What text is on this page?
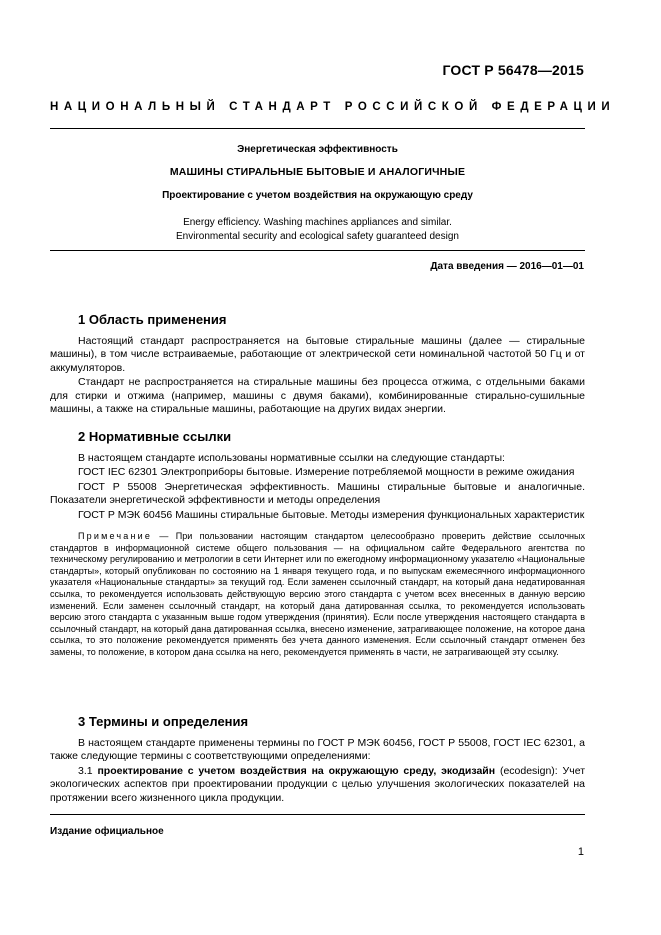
ГОСТ Р 56478—2015
НАЦИОНАЛЬНЫЙ СТАНДАРТ РОССИЙСКОЙ ФЕДЕРАЦИИ
Энергетическая эффективность
МАШИНЫ СТИРАЛЬНЫЕ БЫТОВЫЕ И АНАЛОГИЧНЫЕ
Проектирование с учетом воздействия на окружающую среду
Energy efficiency. Washing machines appliances and similar.
Environmental security and ecological safety guaranteed design
Дата введения — 2016—01—01
1 Область применения

Настоящий стандарт распространяется на бытовые стиральные машины (далее — стиральные машины), в том числе встраиваемые, работающие от электрической сети номинальной частотой 50 Гц и от аккумуляторов.

Стандарт не распространяется на стиральные машины без процесса отжима, с отдельными баками для стирки и отжима (например, машины с двумя баками), комбинированные стирально-сушильные машины, а также на стиральные машины, работающие на других видах энергии.

2 Нормативные ссылки

В настоящем стандарте использованы нормативные ссылки на следующие стандарты:

ГОСТ IEC 62301 Электроприборы бытовые. Измерение потребляемой мощности в режиме ожидания

ГОСТ Р 55008 Энергетическая эффективность. Машины стиральные бытовые и аналогичные. Показатели энергетической эффективности и методы определения

ГОСТ Р МЭК 60456 Машины стиральные бытовые. Методы измерения функциональных характеристик

Примечание — При пользовании настоящим стандартом целесообразно проверить действие ссылочных стандартов в информационной системе общего пользования — на официальном сайте Федерального агентства по техническому регулированию и метрологии в сети Интернет или по ежегодному информационному указателю «Национальные стандарты», который опубликован по состоянию на 1 января текущего года, и по выпускам ежемесячного информационного указателя «Национальные стандарты» за текущий год. Если заменен ссылочный стандарт, на который дана недатированная ссылка, то рекомендуется использовать действующую версию этого стандарта с учетом всех внесенных в данную версию изменений. Если заменен ссылочный стандарт, на который дана датированная ссылка, то рекомендуется использовать версию этого стандарта с указанным выше годом утверждения (принятия). Если после утверждения настоящего стандарта в ссылочный стандарт, на который дана датированная ссылка, внесено изменение, затрагивающее положение, на которое дана ссылка, то это положение рекомендуется применять без учета данного изменения. Если ссылочный стандарт отменен без замены, то положение, в котором дана ссылка на него, рекомендуется применять в части, не затрагивающей эту ссылку.
3 Термины и определения

В настоящем стандарте применены термины по ГОСТ Р МЭК 60456, ГОСТ Р 55008, ГОСТ IEC 62301, а также следующие термины с соответствующими определениями:

3.1 проектирование с учетом воздействия на окружающую среду, экодизайн (ecodesign): Учет экологических аспектов при проектировании продукции с целью улучшения экологических показателей на протяжении всего жизненного цикла продукции.

Издание официальное
1
